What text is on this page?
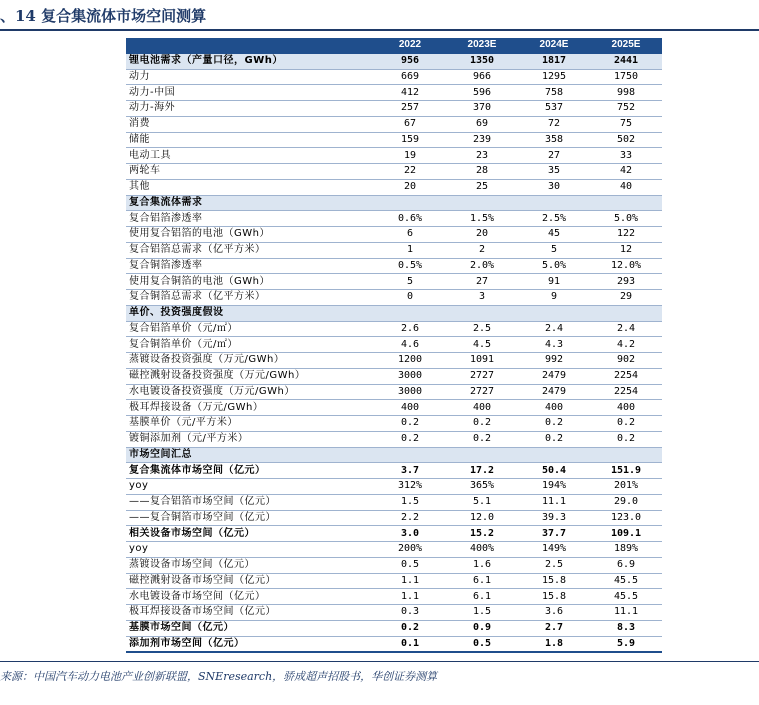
、14 复合集流体市场空间测算
	2022	2023E	2024E	2025E
锂电池需求（产量口径，GWh）	956	1350	1817	2441
动力	669	966	1295	1750
动力-中国	412	596	758	998
动力-海外	257	370	537	752
消费	67	69	72	75
储能	159	239	358	502
电动工具	19	23	27	33
两轮车	22	28	35	42
其他	20	25	30	40
复合集流体需求				
复合铝箔渗透率	0.6%	1.5%	2.5%	5.0%
使用复合铝箔的电池（GWh）	6	20	45	122
复合铝箔总需求（亿平方米）	1	2	5	12
复合铜箔渗透率	0.5%	2.0%	5.0%	12.0%
使用复合铜箔的电池（GWh）	5	27	91	293
复合铜箔总需求（亿平方米）	0	3	9	29
单价、投资强度假设				
复合铝箔单价（元/㎡）	2.6	2.5	2.4	2.4
复合铜箔单价（元/㎡）	4.6	4.5	4.3	4.2
蒸镀设备投资强度（万元/GWh）	1200	1091	992	902
磁控溅射设备投资强度（万元/GWh）	3000	2727	2479	2254
水电镀设备投资强度（万元/GWh）	3000	2727	2479	2254
极耳焊接设备（万元/GWh）	400	400	400	400
基膜单价（元/平方米）	0.2	0.2	0.2	0.2
镀铜添加剂（元/平方米）	0.2	0.2	0.2	0.2
市场空间汇总				
复合集流体市场空间（亿元）	3.7	17.2	50.4	151.9
yoy	312%	365%	194%	201%
——复合铝箔市场空间（亿元）	1.5	5.1	11.1	29.0
——复合铜箔市场空间（亿元）	2.2	12.0	39.3	123.0
相关设备市场空间（亿元）	3.0	15.2	37.7	109.1
yoy	200%	400%	149%	189%
蒸镀设备市场空间（亿元）	0.5	1.6	2.5	6.9
磁控溅射设备市场空间（亿元）	1.1	6.1	15.8	45.5
水电镀设备市场空间（亿元）	1.1	6.1	15.8	45.5
极耳焊接设备市场空间（亿元）	0.3	1.5	3.6	11.1
基膜市场空间（亿元）	0.2	0.9	2.7	8.3
添加剂市场空间（亿元）	0.1	0.5	1.8	5.9
来源：中国汽车动力电池产业创新联盟，SNEresearch，骄成超声招股书，华创证券测算
